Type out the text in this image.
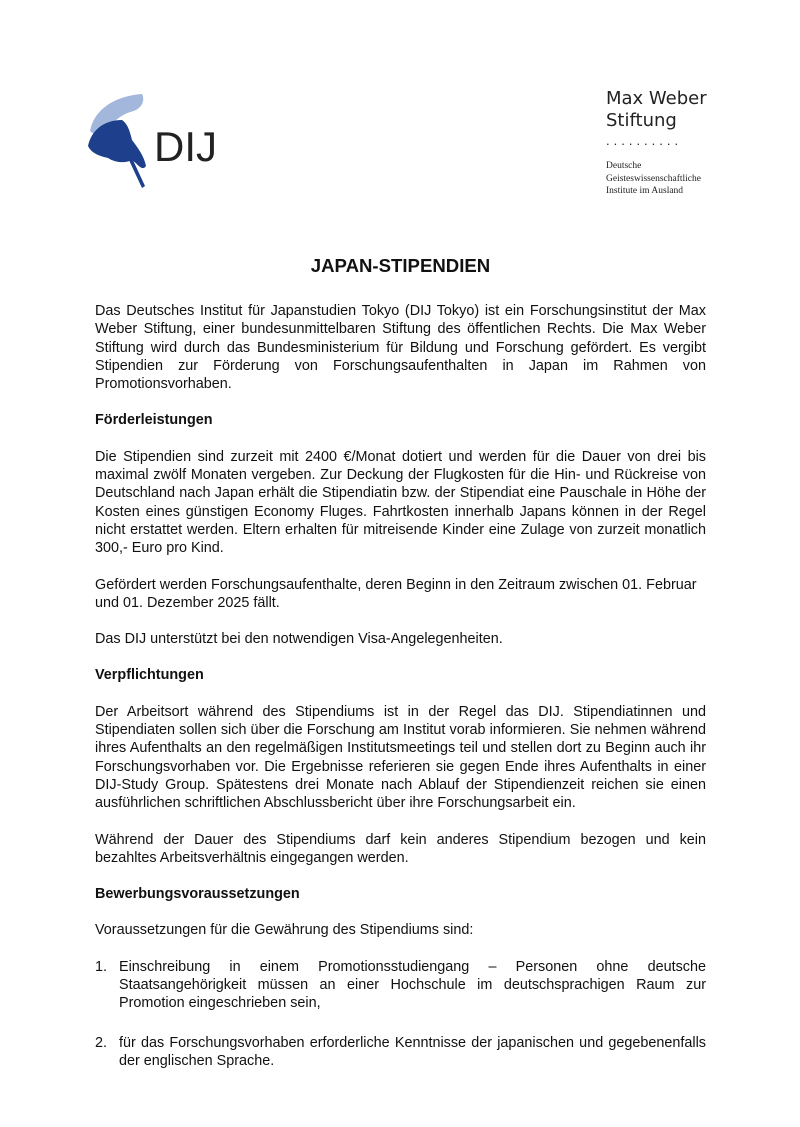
DIJ
Max Weber
Stiftung
..........
Deutsche
Geisteswissenschaftliche
Institute im Ausland
JAPAN-STIPENDIEN

Das Deutsches Institut für Japanstudien Tokyo (DIJ Tokyo) ist ein Forschungsinstitut der Max Weber Stiftung, einer bundesunmittelbaren Stiftung des öffentlichen Rechts. Die Max Weber Stiftung wird durch das Bundesministerium für Bildung und Forschung gefördert. Es vergibt Stipendien zur Förderung von Forschungsaufenthalten in Japan im Rahmen von Promotionsvorhaben.

Förderleistungen

Die Stipendien sind zurzeit mit 2400 €/Monat dotiert und werden für die Dauer von drei bis maximal zwölf Monaten vergeben. Zur Deckung der Flugkosten für die Hin- und Rückreise von Deutschland nach Japan erhält die Stipendiatin bzw. der Stipendiat eine Pauschale in Höhe der Kosten eines günstigen Economy Fluges. Fahrtkosten innerhalb Japans können in der Regel nicht erstattet werden. Eltern erhalten für mitreisende Kinder eine Zulage von zurzeit monatlich 300,- Euro pro Kind.

Gefördert werden Forschungsaufenthalte, deren Beginn in den Zeitraum zwischen 01. Februar und 01. Dezember 2025 fällt.

Das DIJ unterstützt bei den notwendigen Visa-Angelegenheiten.

Verpflichtungen

Der Arbeitsort während des Stipendiums ist in der Regel das DIJ. Stipendiatinnen und Stipendiaten sollen sich über die Forschung am Institut vorab informieren. Sie nehmen während ihres Aufenthalts an den regelmäßigen Institutsmeetings teil und stellen dort zu Beginn auch ihr Forschungsvorhaben vor. Die Ergebnisse referieren sie gegen Ende ihres Aufenthalts in einer DIJ-Study Group. Spätestens drei Monate nach Ablauf der Stipendienzeit reichen sie einen ausführlichen schriftlichen Abschlussbericht über ihre Forschungsarbeit ein.

Während der Dauer des Stipendiums darf kein anderes Stipendium bezogen und kein bezahltes Arbeitsverhältnis eingegangen werden.

Bewerbungsvoraussetzungen

Voraussetzungen für die Gewährung des Stipendiums sind:

1. Einschreibung in einem Promotionsstudiengang – Personen ohne deutsche Staatsangehörigkeit müssen an einer Hochschule im deutschsprachigen Raum zur Promotion eingeschrieben sein,
2. für das Forschungsvorhaben erforderliche Kenntnisse der japanischen und gegebenenfalls der englischen Sprache.
